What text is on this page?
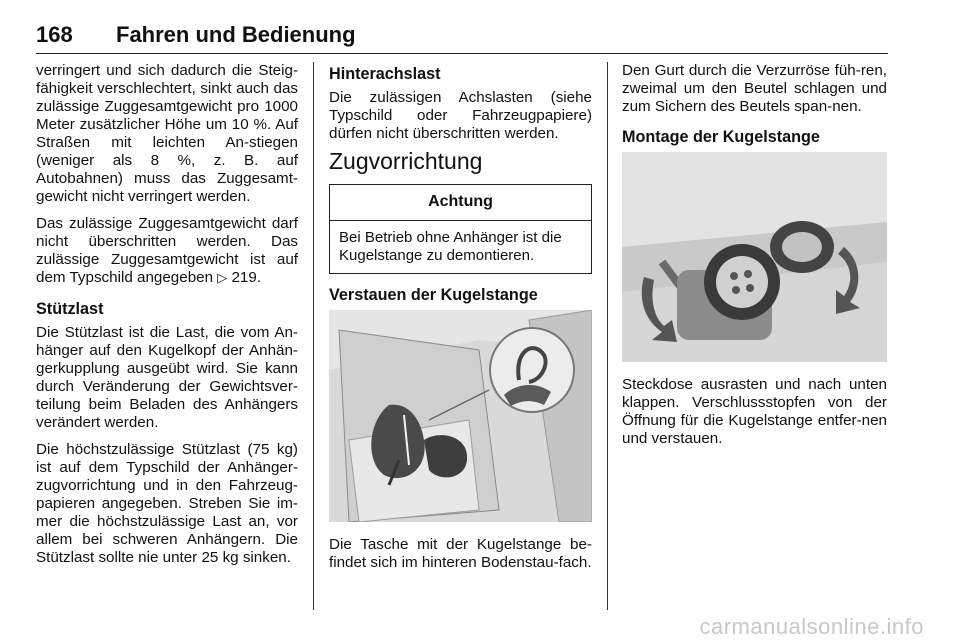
168 Fahren und Bedienung

verringert und sich dadurch die Steig-fähigkeit verschlechtert, sinkt auch das zulässige Zuggesamtgewicht pro 1000 Meter zusätzlicher Höhe um 10 %. Auf Straßen mit leichten An-stiegen (weniger als 8 %, z. B. auf Autobahnen) muss das Zuggesamt-gewicht nicht verringert werden.

Das zulässige Zuggesamtgewicht darf nicht überschritten werden. Das zulässige Zuggesamtgewicht ist auf dem Typschild angegeben ▷ 219.

Stützlast

Die Stützlast ist die Last, die vom An-hänger auf den Kugelkopf der Anhän-gerkupplung ausgeübt wird. Sie kann durch Veränderung der Gewichtsver-teilung beim Beladen des Anhängers verändert werden.

Die höchstzulässige Stützlast (75 kg) ist auf dem Typschild der Anhänger-zugvorrichtung und in den Fahrzeug-papieren angegeben. Streben Sie im-mer die höchstzulässige Last an, vor allem bei schweren Anhängern. Die Stützlast sollte nie unter 25 kg sinken.

Hinterachslast

Die zulässigen Achslasten (siehe Typschild oder Fahrzeugpapiere) dürfen nicht überschritten werden.

Zugvorrichtung
Achtung
Bei Betrieb ohne Anhänger ist die Kugelstange zu demontieren.
Verstauen der Kugelstange

Die Tasche mit der Kugelstange be-findet sich im hinteren Bodenstau-fach.

Den Gurt durch die Verzurröse füh-ren, zweimal um den Beutel schlagen und zum Sichern des Beutels span-nen.

Montage der Kugelstange

Steckdose ausrasten und nach unten klappen. Verschlussstopfen von der Öffnung für die Kugelstange entfer-nen und verstauen.

carmanualsonline.info
